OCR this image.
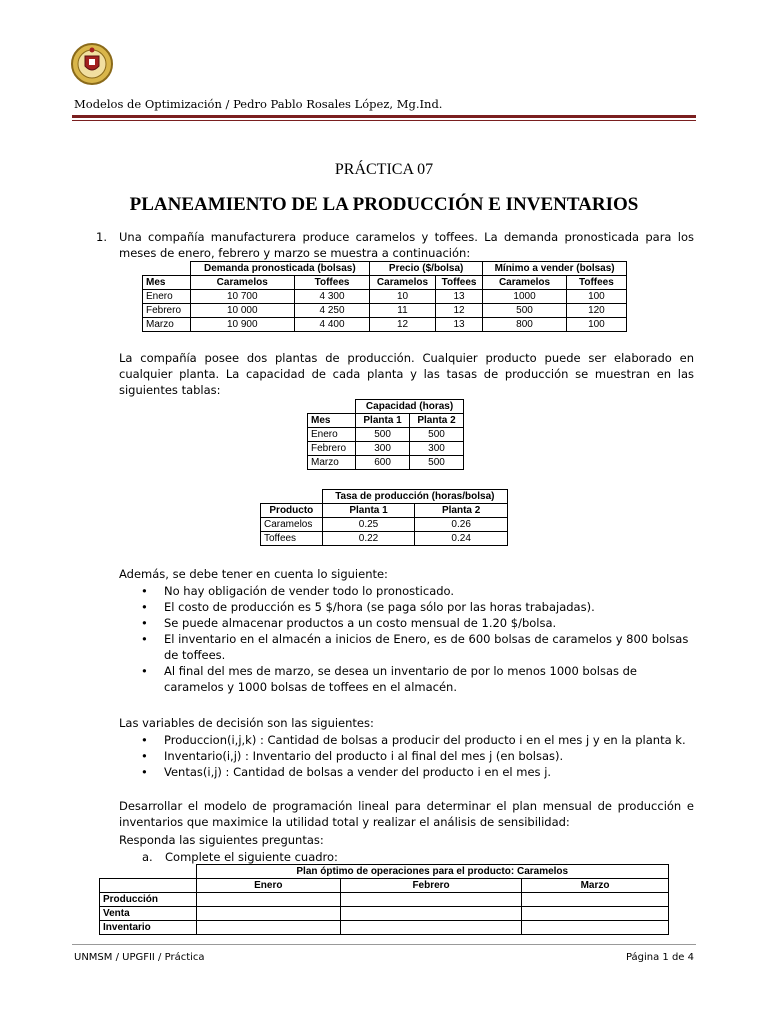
Modelos de Optimización / Pedro Pablo Rosales López, Mg.Ind.
PRÁCTICA 07
PLANEAMIENTO DE LA PRODUCCIÓN E INVENTARIOS
1. Una compañía manufacturera produce caramelos y toffees. La demanda pronosticada para los meses de enero, febrero y marzo se muestra a continuación:
	Demanda pronosticada (bolsas)		Precio ($/bolsa)		Mínimo a vender (bolsas)	
Mes	Caramelos	Toffees	Caramelos	Toffees	Caramelos	Toffees
Enero	10 700	4 300	10	13	1000	100
Febrero	10 000	4 250	11	12	500	120
Marzo	10 900	4 400	12	13	800	100
La compañía posee dos plantas de producción. Cualquier producto puede ser elaborado en cualquier planta. La capacidad de cada planta y las tasas de producción se muestran en las siguientes tablas:
	Capacidad (horas)	
Mes	Planta 1	Planta 2
Enero	500	500
Febrero	300	300
Marzo	600	500
	Tasa de producción (horas/bolsa)	
Producto	Planta 1	Planta 2
Caramelos	0.25	0.26
Toffees	0.22	0.24
Además, se debe tener en cuenta lo siguiente:
• No hay obligación de vender todo lo pronosticado.
• El costo de producción es 5 $/hora (se paga sólo por las horas trabajadas).
• Se puede almacenar productos a un costo mensual de 1.20 $/bolsa.
• El inventario en el almacén a inicios de Enero, es de 600 bolsas de caramelos y 800 bolsas de toffees.
• Al final del mes de marzo, se desea un inventario de por lo menos 1000 bolsas de caramelos y 1000 bolsas de toffees en el almacén.
Las variables de decisión son las siguientes:
• Produccion(i,j,k) : Cantidad de bolsas a producir del producto i en el mes j y en la planta k.
• Inventario(i,j) : Inventario del producto i al final del mes j (en bolsas).
• Ventas(i,j) : Cantidad de bolsas a vender del producto i en el mes j.
Desarrollar el modelo de programación lineal para determinar el plan mensual de producción e inventarios que maximice la utilidad total y realizar el análisis de sensibilidad:
Responda las siguientes preguntas:
a. Complete el siguiente cuadro:
	Plan óptimo de operaciones para el producto: Caramelos		
	Enero	Febrero	Marzo
Producción			
Venta			
Inventario			
UNMSM / UPGFII / Práctica	Página 1 de 4
